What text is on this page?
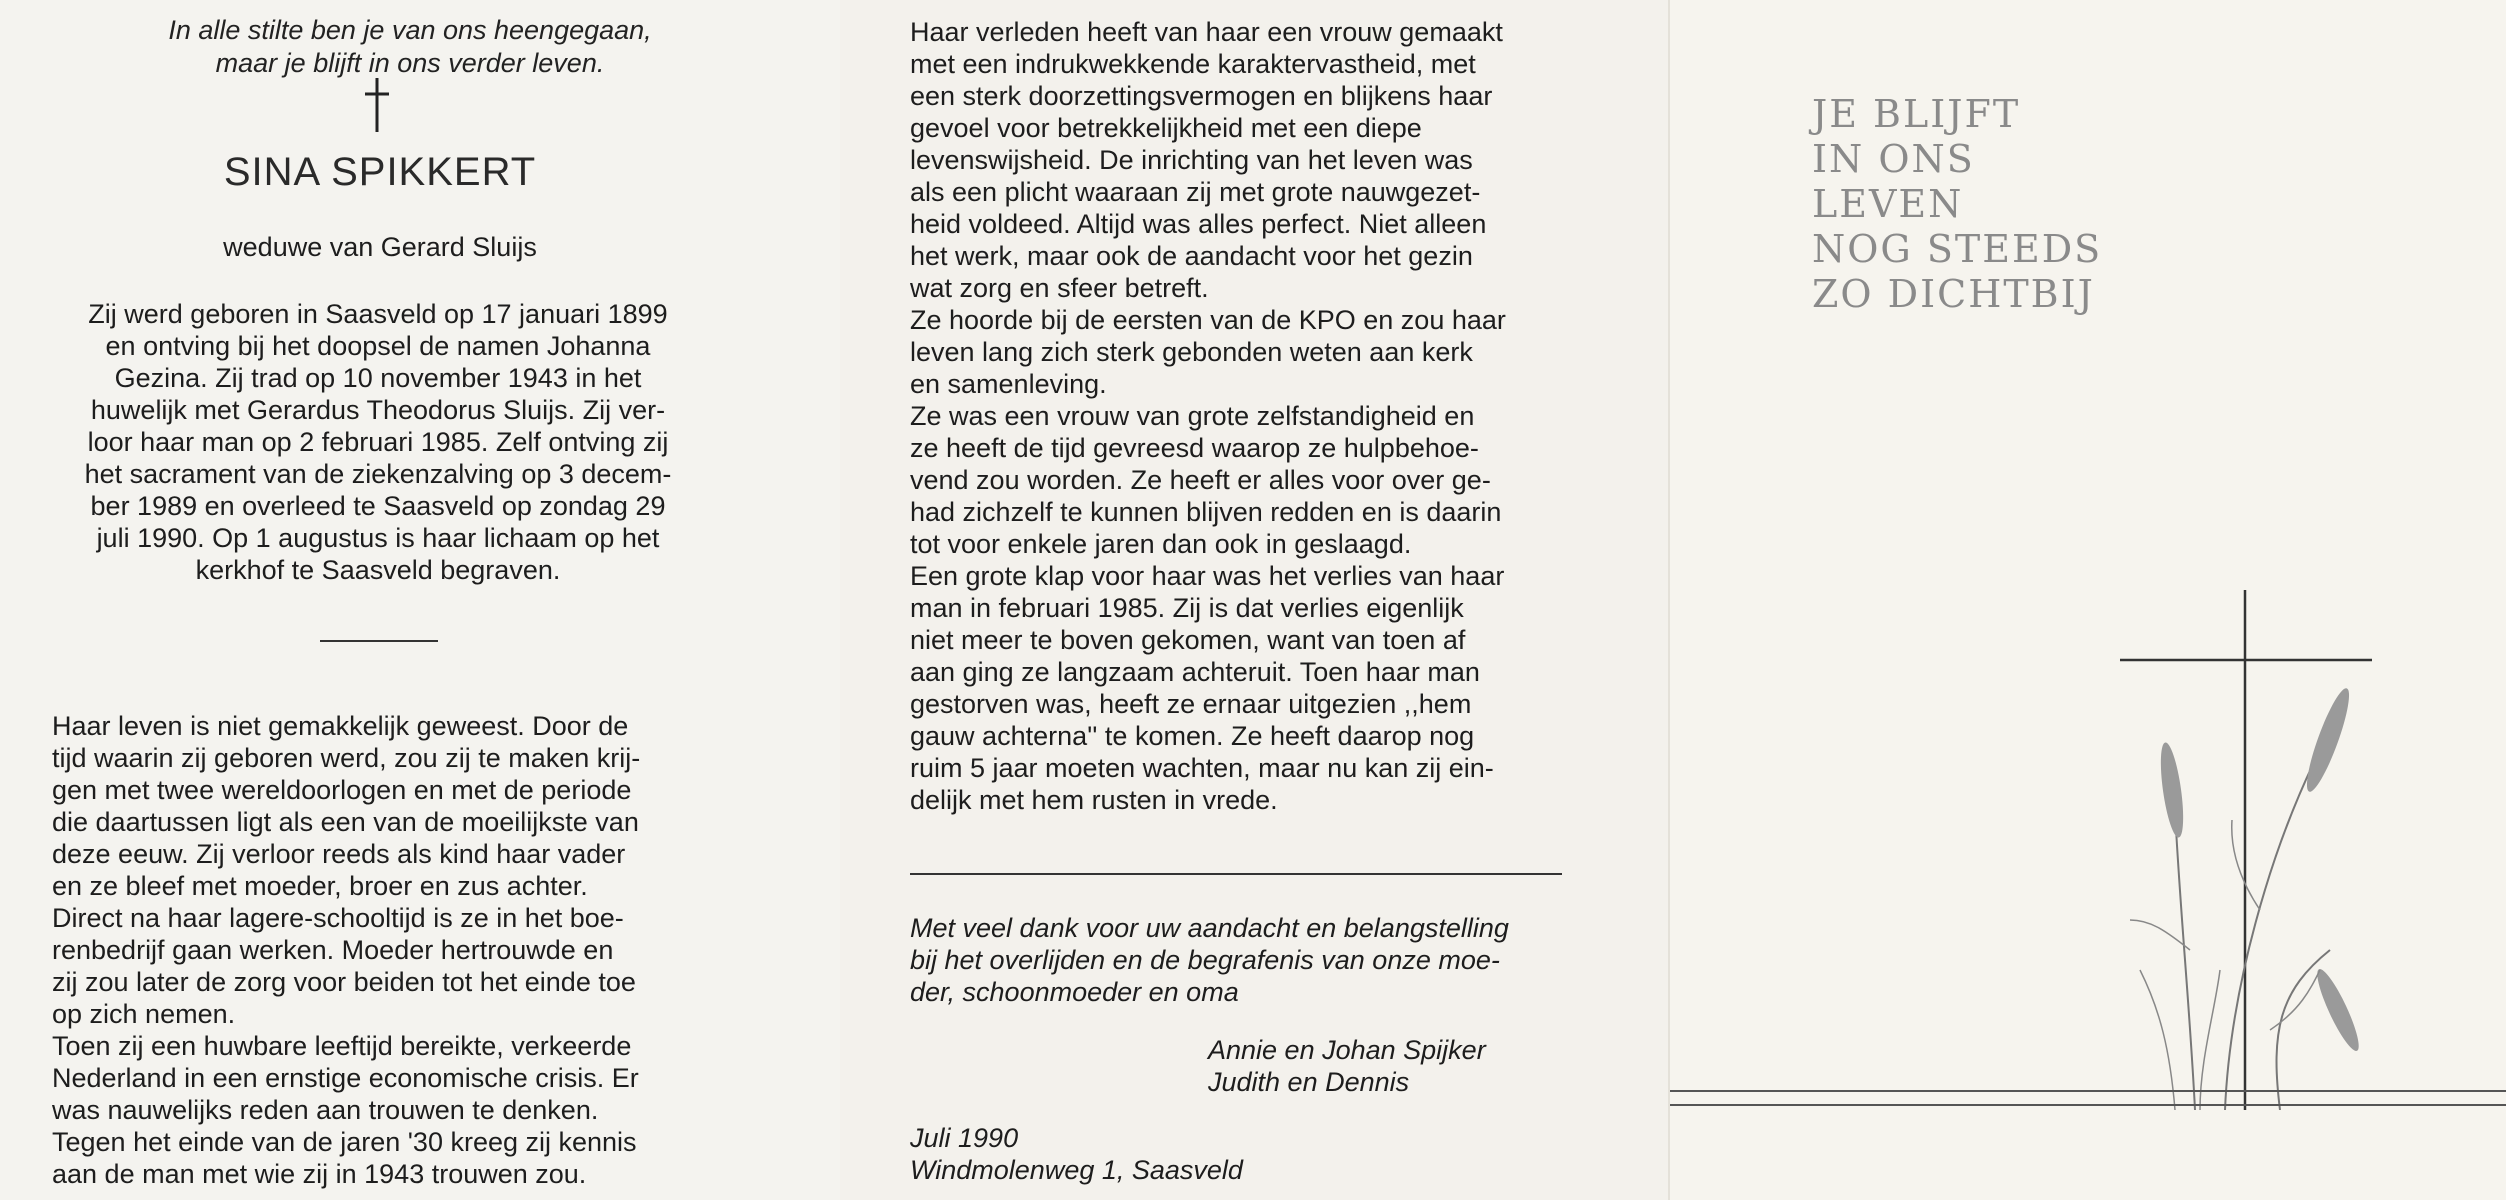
In alle stilte ben je van ons heengegaan,
maar je blijft in ons verder leven.
SINA SPIKKERT
weduwe van Gerard Sluijs
Zij werd geboren in Saasveld op 17 januari 1899
en ontving bij het doopsel de namen Johanna
Gezina. Zij trad op 10 november 1943 in het
huwelijk met Gerardus Theodorus Sluijs. Zij ver-
loor haar man op 2 februari 1985. Zelf ontving zij
het sacrament van de ziekenzalving op 3 decem-
ber 1989 en overleed te Saasveld op zondag 29
juli 1990. Op 1 augustus is haar lichaam op het
kerkhof te Saasveld begraven.
Haar leven is niet gemakkelijk geweest. Door de
tijd waarin zij geboren werd, zou zij te maken krij-
gen met twee wereldoorlogen en met de periode
die daartussen ligt als een van de moeilijkste van
deze eeuw. Zij verloor reeds als kind haar vader
en ze bleef met moeder, broer en zus achter.
Direct na haar lagere-schooltijd is ze in het boe-
renbedrijf gaan werken. Moeder hertrouwde en
zij zou later de zorg voor beiden tot het einde toe
op zich nemen.
Toen zij een huwbare leeftijd bereikte, verkeerde
Nederland in een ernstige economische crisis. Er
was nauwelijks reden aan trouwen te denken.
Tegen het einde van de jaren '30 kreeg zij kennis
aan de man met wie zij in 1943 trouwen zou.
Haar verleden heeft van haar een vrouw gemaakt
met een indrukwekkende karaktervastheid, met
een sterk doorzettingsvermogen en blijkens haar
gevoel voor betrekkelijkheid met een diepe
levenswijsheid. De inrichting van het leven was
als een plicht waaraan zij met grote nauwgezet-
heid voldeed. Altijd was alles perfect. Niet alleen
het werk, maar ook de aandacht voor het gezin
wat zorg en sfeer betreft.
Ze hoorde bij de eersten van de KPO en zou haar
leven lang zich sterk gebonden weten aan kerk
en samenleving.
Ze was een vrouw van grote zelfstandigheid en
ze heeft de tijd gevreesd waarop ze hulpbehoe-
vend zou worden. Ze heeft er alles voor over ge-
had zichzelf te kunnen blijven redden en is daarin
tot voor enkele jaren dan ook in geslaagd.
Een grote klap voor haar was het verlies van haar
man in februari 1985. Zij is dat verlies eigenlijk
niet meer te boven gekomen, want van toen af
aan ging ze langzaam achteruit. Toen haar man
gestorven was, heeft ze ernaar uitgezien ,,hem
gauw achterna'' te komen. Ze heeft daarop nog
ruim 5 jaar moeten wachten, maar nu kan zij ein-
delijk met hem rusten in vrede.
Met veel dank voor uw aandacht en belangstelling
bij het overlijden en de begrafenis van onze moe-
der, schoonmoeder en oma
Annie en Johan Spijker
Judith en Dennis
Juli 1990
Windmolenweg 1, Saasveld
JE BLIJFT
IN ONS
LEVEN
NOG STEEDS
ZO DICHTBIJ
